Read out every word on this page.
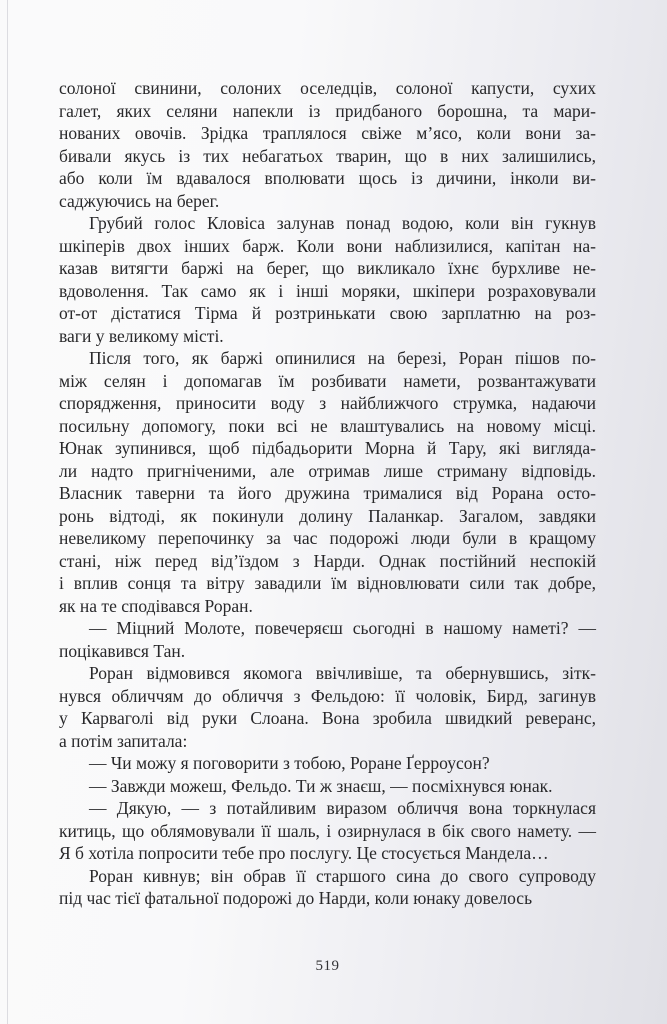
солоної свинини, солоних оселедців, солоної капусти, сухих
галет, яких селяни напекли із придбаного борошна, та мари-
нованих овочів. Зрідка траплялося свіже м’ясо, коли вони за-
бивали якусь із тих небагатьох тварин, що в них залишились,
або коли їм вдавалося вполювати щось із дичини, інколи ви-
саджуючись на берег.
Грубий голос Кловіса залунав понад водою, коли він гукнув
шкіперів двох інших барж. Коли вони наблизилися, капітан на-
казав витягти баржі на берег, що викликало їхнє бурхливе не-
вдоволення. Так само як і інші моряки, шкіпери розраховували
от-от дістатися Тірма й розтринькати свою зарплатню на роз-
ваги у великому місті.
Після того, як баржі опинилися на березі, Роран пішов по-
між селян і допомагав їм розбивати намети, розвантажувати
спорядження, приносити воду з найближчого струмка, надаючи
посильну допомогу, поки всі не влаштувались на новому місці.
Юнак зупинився, щоб підбадьорити Морна й Тару, які вигляда-
ли надто пригніченими, але отримав лише стриману відповідь.
Власник таверни та його дружина трималися від Рорана осто-
ронь відтоді, як покинули долину Паланкар. Загалом, завдяки
невеликому перепочинку за час подорожі люди були в кращому
стані, ніж перед від’їздом з Нарди. Однак постійний неспокій
і вплив сонця та вітру завадили їм відновлювати сили так добре,
як на те сподівався Роран.
— Міцний Молоте, повечеряєш сьогодні в нашому наметі? —
поцікавився Тан.
Роран відмовився якомога ввічливіше, та обернувшись, зітк-
нувся обличчям до обличчя з Фельдою: її чоловік, Бирд, загинув
у Карваголі від руки Слоана. Вона зробила швидкий реверанс,
а потім запитала:
— Чи можу я поговорити з тобою, Роране Ґерроусон?
— Завжди можеш, Фельдо. Ти ж знаєш, — посміхнувся юнак.
— Дякую, — з потайливим виразом обличчя вона торкнулася
китиць, що облямовували її шаль, і озирнулася в бік свого намету. —
Я б хотіла попросити тебе про послугу. Це стосується Мандела…
Роран кивнув; він обрав її старшого сина до свого супроводу
під час тієї фатальної подорожі до Нарди, коли юнаку довелось
519
